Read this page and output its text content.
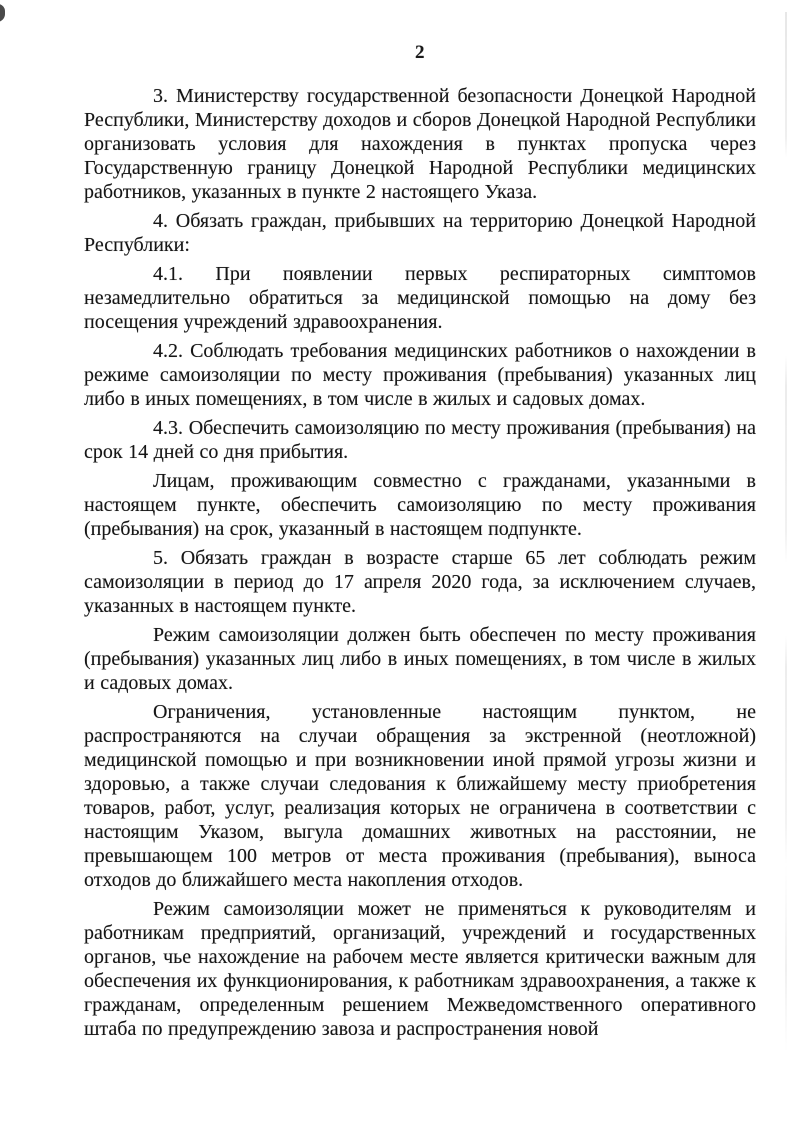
2

3. Министерству государственной безопасности Донецкой Народной Республики, Министерству доходов и сборов Донецкой Народной Республики организовать условия для нахождения в пунктах пропуска через Государственную границу Донецкой Народной Республики медицинских работников, указанных в пункте 2 настоящего Указа.

4. Обязать граждан, прибывших на территорию Донецкой Народной Республики:

4.1. При появлении первых респираторных симптомов незамедлительно обратиться за медицинской помощью на дому без посещения учреждений здравоохранения.

4.2. Соблюдать требования медицинских работников о нахождении в режиме самоизоляции по месту проживания (пребывания) указанных лиц либо в иных помещениях, в том числе в жилых и садовых домах.

4.3. Обеспечить самоизоляцию по месту проживания (пребывания) на срок 14 дней со дня прибытия.

Лицам, проживающим совместно с гражданами, указанными в настоящем пункте, обеспечить самоизоляцию по месту проживания (пребывания) на срок, указанный в настоящем подпункте.

5. Обязать граждан в возрасте старше 65 лет соблюдать режим самоизоляции в период до 17 апреля 2020 года, за исключением случаев, указанных в настоящем пункте.

Режим самоизоляции должен быть обеспечен по месту проживания (пребывания) указанных лиц либо в иных помещениях, в том числе в жилых и садовых домах.

Ограничения, установленные настоящим пунктом, не распространяются на случаи обращения за экстренной (неотложной) медицинской помощью и при возникновении иной прямой угрозы жизни и здоровью, а также случаи следования к ближайшему месту приобретения товаров, работ, услуг, реализация которых не ограничена в соответствии с настоящим Указом, выгула домашних животных на расстоянии, не превышающем 100 метров от места проживания (пребывания), выноса отходов до ближайшего места накопления отходов.

Режим самоизоляции может не применяться к руководителям и работникам предприятий, организаций, учреждений и государственных органов, чье нахождение на рабочем месте является критически важным для обеспечения их функционирования, к работникам здравоохранения, а также к гражданам, определенным решением Межведомственного оперативного штаба по предупреждению завоза и распространения новой
